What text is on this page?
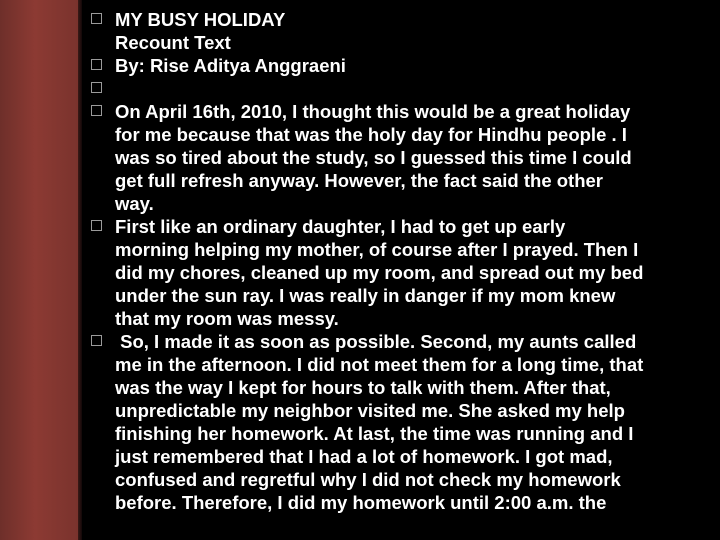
MY BUSY HOLIDAY
Recount Text
By: Rise Aditya Anggraeni
On April 16th, 2010, I thought this would be a great holiday
for me because that was the holy day for Hindhu people . I
was so tired about the study, so I guessed this time I could
get full refresh anyway. However, the fact said the other
way.
First like an ordinary daughter, I had to get up early
morning helping my mother, of course after I prayed. Then I
did my chores, cleaned up my room, and spread out my bed
under the sun ray. I was really in danger if my mom knew
that my room was messy.
So, I made it as soon as possible. Second, my aunts called
me in the afternoon. I did not meet them for a long time, that
was the way I kept for hours to talk with them. After that,
unpredictable my neighbor visited me. She asked my help
finishing her homework. At last, the time was running and I
just remembered that I had a lot of homework. I got mad,
confused and regretful why I did not check my homework
before. Therefore, I did my homework until 2:00 a.m. the
